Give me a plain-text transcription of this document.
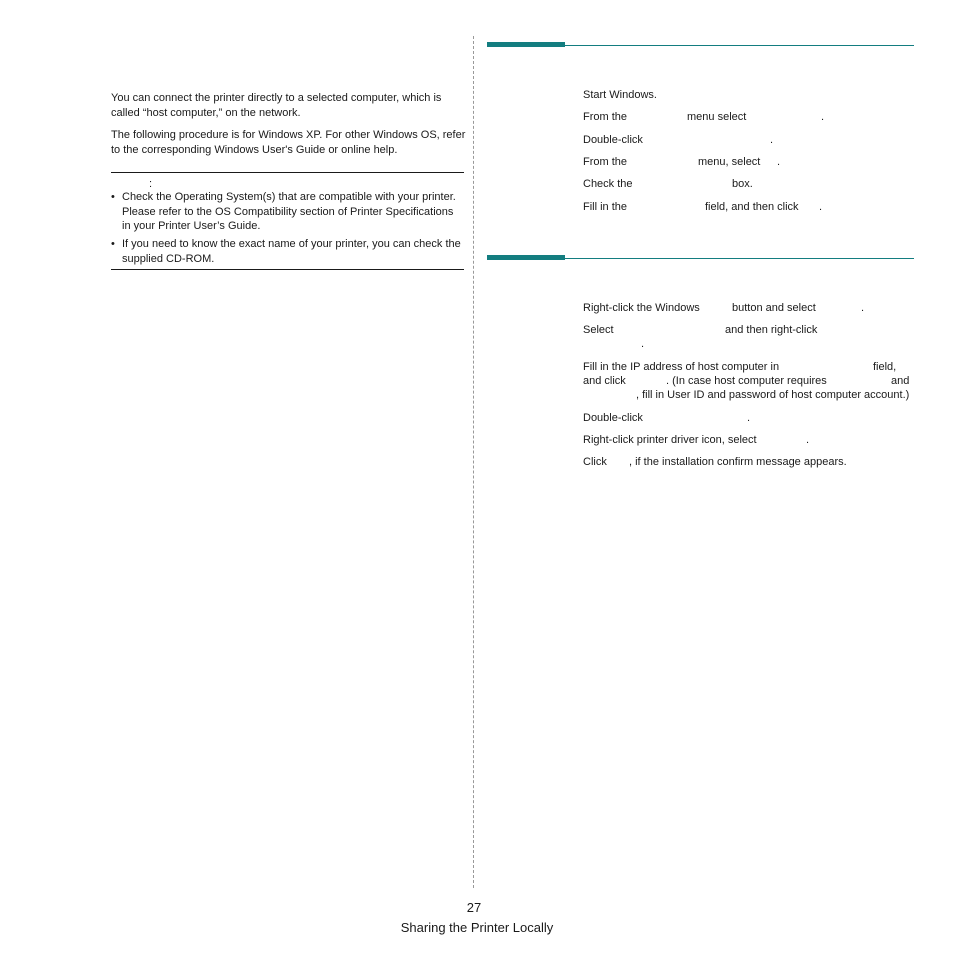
You can connect the printer directly to a selected computer, which is called “host computer,” on the network.

The following procedure is for Windows XP. For other Windows OS, refer to the corresponding Windows User's Guide or online help.

:
• Check the Operating System(s) that are compatible with your printer. Please refer to the OS Compatibility section of Printer Specifications in your Printer User’s Guide.

• If you need to know the exact name of your printer, you can check the supplied CD-ROM.

Start Windows.
From the	menu select	.
Double-click	.
From the	menu, select .
Check the	box.
Fill in the	field, and then click .
Right-click the Windows	button and select	.
Select	and then right-click
.
Fill in the IP address of host computer in	field,
and click	. (In case host computer requires	and
, fill in User ID and password of host computer account.)
Double-click	.
Right-click printer driver icon, select	.
Click , if the installation confirm message appears.
27
Sharing the Printer Locally
